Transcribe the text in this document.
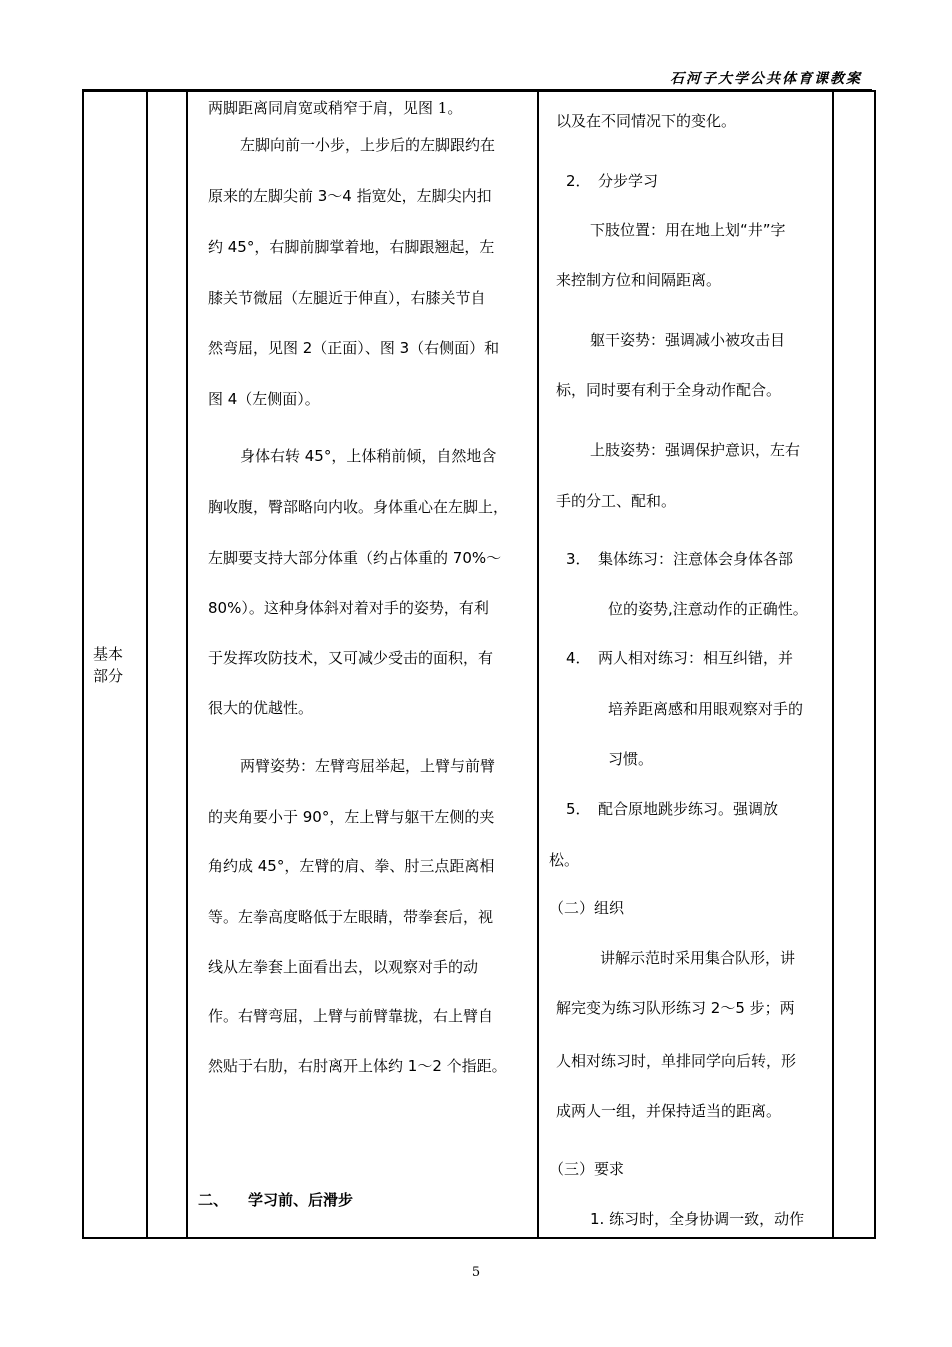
石河子大学公共体育课教案
基本部分

两脚距离同肩宽或稍窄于肩，见图 1。
左脚向前一小步，上步后的左脚跟约在
原来的左脚尖前 3～4 指宽处，左脚尖内扣
约 45°，右脚前脚掌着地，右脚跟翘起，左
膝关节微屈（左腿近于伸直），右膝关节自
然弯屈，见图 2（正面）、图 3（右侧面）和
图 4（左侧面）。
身体右转 45°，上体稍前倾，自然地含
胸收腹，臀部略向内收。身体重心在左脚上，
左脚要支持大部分体重（约占体重的 70%～
80%）。这种身体斜对着对手的姿势，有利
于发挥攻防技术，又可减少受击的面积，有
很大的优越性。
两臂姿势：左臂弯屈举起，上臂与前臂
的夹角要小于 90°，左上臂与躯干左侧的夹
角约成 45°，左臂的肩、拳、肘三点距离相
等。左拳高度略低于左眼睛，带拳套后，视
线从左拳套上面看出去，以观察对手的动
作。右臂弯屈，上臂与前臂靠拢，右上臂自
然贴于右肋，右肘离开上体约 1～2 个指距。
二、 学习前、后滑步

以及在不同情况下的变化。
2．　分步学习
下肢位置：用在地上划“井”字
来控制方位和间隔距离。
躯干姿势：强调减小被攻击目
标，同时要有利于全身动作配合。
上肢姿势：强调保护意识，左右
手的分工、配和。
3．　集体练习：注意体会身体各部
位的姿势,注意动作的正确性。
4．　两人相对练习：相互纠错，并
培养距离感和用眼观察对手的
习惯。
5．　配合原地跳步练习。强调放
松。
（二）组织
讲解示范时采用集合队形，讲
解完变为练习队形练习 2～5 步；两
人相对练习时，单排同学向后转，形
成两人一组，并保持适当的距离。
（三）要求
1. 练习时，全身协调一致，动作

5
